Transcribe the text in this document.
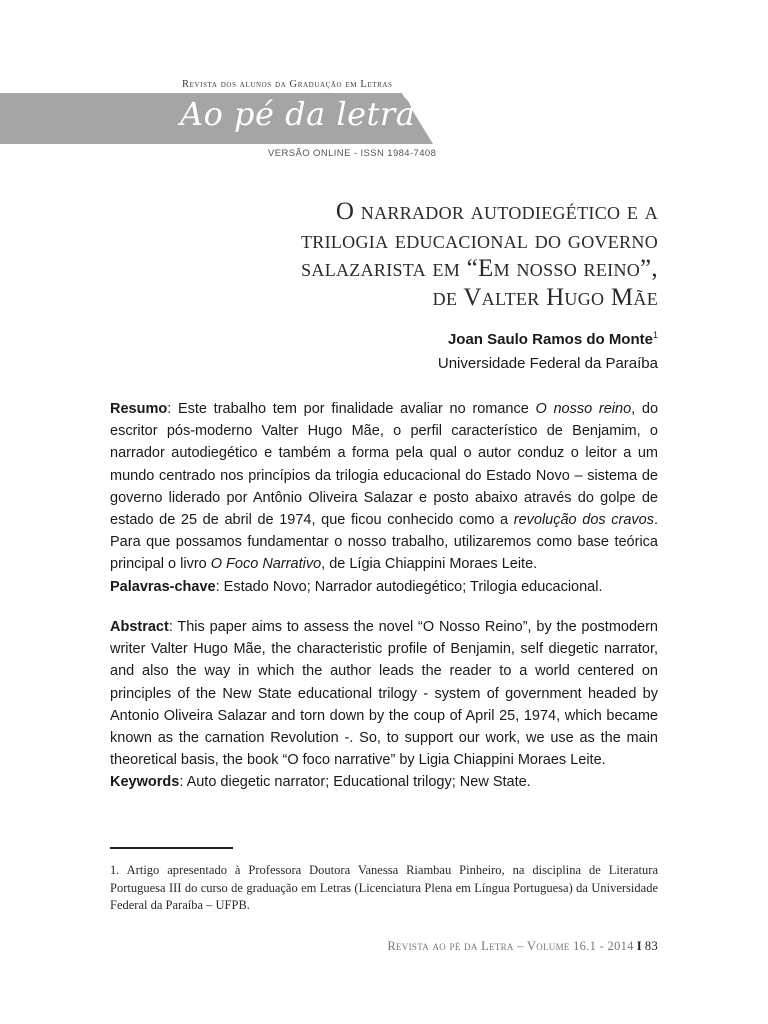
Revista dos alunos da Graduação em Letras
Ao pé da letra
VERSÃO ONLINE - ISSN 1984-7408
O narrador autodiegético e a
trilogia educacional do governo
salazarista em “Em nosso reino”,
de Valter Hugo Mãe
Joan Saulo Ramos do Monte$^1$
Universidade Federal da Paraíba
Resumo: Este trabalho tem por finalidade avaliar no romance O nosso reino, do escritor pós-moderno Valter Hugo Mãe, o perfil característico de Benjamim, o narrador autodiegético e também a forma pela qual o autor conduz o leitor a um mundo centrado nos princípios da trilogia educacional do Estado Novo – sistema de governo liderado por Antônio Oliveira Salazar e posto abaixo através do golpe de estado de 25 de abril de 1974, que ficou conhecido como a revolução dos cravos. Para que possamos fundamentar o nosso trabalho, utilizaremos como base teórica principal o livro O Foco Narrativo, de Lígia Chiappini Moraes Leite.
Palavras-chave: Estado Novo; Narrador autodiegético; Trilogia educacional.
Abstract: This paper aims to assess the novel “O Nosso Reino”, by the postmodern writer Valter Hugo Mãe, the characteristic profile of Benjamin, self diegetic narrator, and also the way in which the author leads the reader to a world centered on principles of the New State educational trilogy - system of government headed by Antonio Oliveira Salazar and torn down by the coup of April 25, 1974, which became known as the carnation Revolution -. So, to support our work, we use as the main theoretical basis, the book “O foco narrative” by Ligia Chiappini Moraes Leite.
Keywords: Auto diegetic narrator; Educational trilogy; New State.
1. Artigo apresentado à Professora Doutora Vanessa Riambau Pinheiro, na disciplina de Literatura Portuguesa III do curso de graduação em Letras (Licenciatura Plena em Língua Portuguesa) da Universidade Federal da Paraíba – UFPB.
Revista ao pé da Letra – Volume 16.1 - 2014 I 83
